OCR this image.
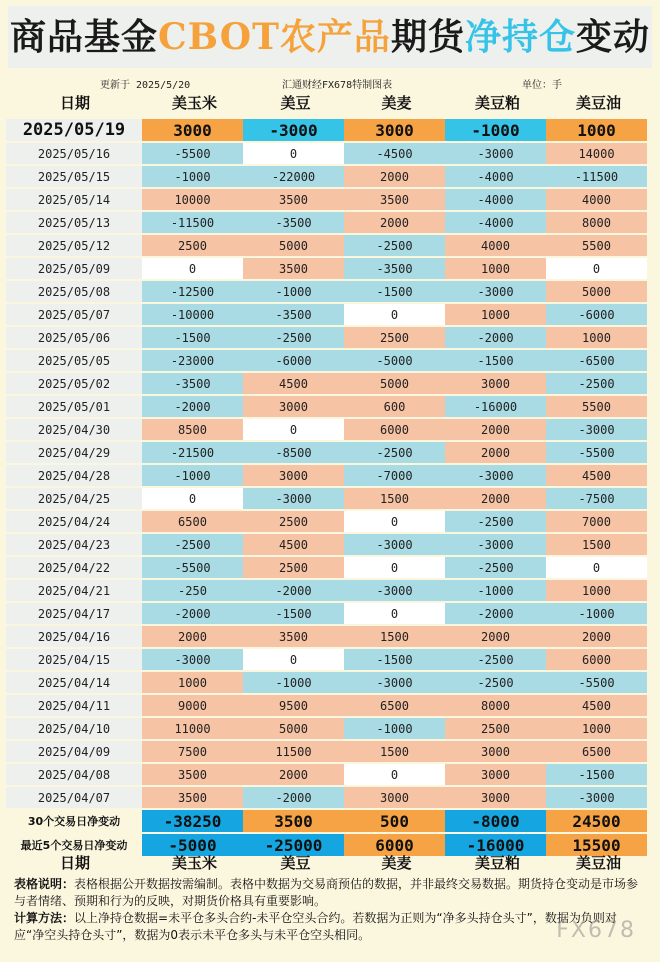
商品基金CBOT农产品期货净持仓变动
更新于 2025/5/20	汇通财经FX678特制图表	单位：手
日期	美玉米	美豆	美麦	美豆粕	美豆油
2025/05/19	3000	-3000	3000	-1000	1000
2025/05/16	-5500	0	-4500	-3000	14000
2025/05/15	-1000	-22000	2000	-4000	-11500
2025/05/14	10000	3500	3500	-4000	4000
2025/05/13	-11500	-3500	2000	-4000	8000
2025/05/12	2500	5000	-2500	4000	5500
2025/05/09	0	3500	-3500	1000	0
2025/05/08	-12500	-1000	-1500	-3000	5000
2025/05/07	-10000	-3500	0	1000	-6000
2025/05/06	-1500	-2500	2500	-2000	1000
2025/05/05	-23000	-6000	-5000	-1500	-6500
2025/05/02	-3500	4500	5000	3000	-2500
2025/05/01	-2000	3000	600	-16000	5500
2025/04/30	8500	0	6000	2000	-3000
2025/04/29	-21500	-8500	-2500	2000	-5500
2025/04/28	-1000	3000	-7000	-3000	4500
2025/04/25	0	-3000	1500	2000	-7500
2025/04/24	6500	2500	0	-2500	7000
2025/04/23	-2500	4500	-3000	-3000	1500
2025/04/22	-5500	2500	0	-2500	0
2025/04/21	-250	-2000	-3000	-1000	1000
2025/04/17	-2000	-1500	0	-2000	-1000
2025/04/16	2000	3500	1500	2000	2000
2025/04/15	-3000	0	-1500	-2500	6000
2025/04/14	1000	-1000	-3000	-2500	-5500
2025/04/11	9000	9500	6500	8000	4500
2025/04/10	11000	5000	-1000	2500	1000
2025/04/09	7500	11500	1500	3000	6500
2025/04/08	3500	2000	0	3000	-1500
2025/04/07	3500	-2000	3000	3000	-3000
30个交易日净变动	-38250	3500	500	-8000	24500
最近5个交易日净变动	-5000	-25000	6000	-16000	15500
日期	美玉米	美豆	美麦	美豆粕	美豆油
表格说明：表格根据公开数据按需编制。表格中数据为交易商预估的数据，并非最终交易数据。期货持仓变动是市场参与者情绪、预期和行为的反映，对期货价格具有重要影响。
计算方法：以上净持仓数据=未平仓多头合约-未平仓空头合约。若数据为正则为“净多头持仓头寸”，数据为负则对应“净空头持仓头寸”，数据为0表示未平仓多头与未平仓空头相同。	FX678
